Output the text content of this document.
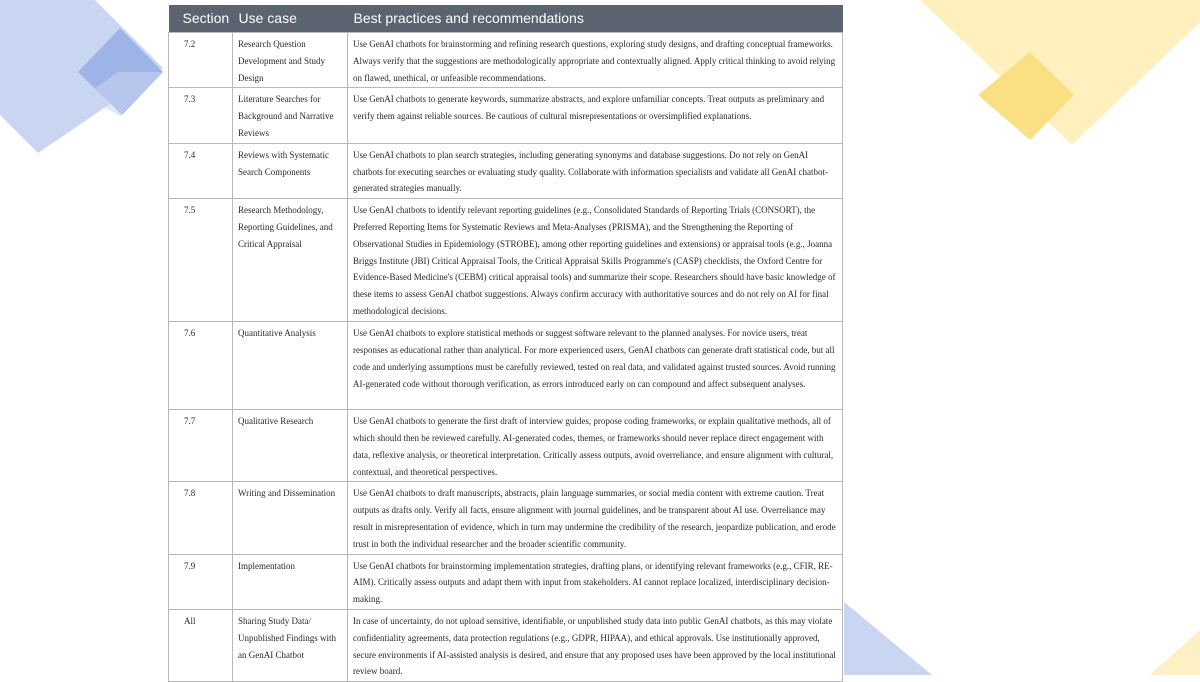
Section	Use case	Best practices and recommendations
7.2	Research Question Development and Study Design	Use GenAI chatbots for brainstorming and refining research questions, exploring study designs, and drafting conceptual frameworks. Always verify that the suggestions are methodologically appropriate and contextually aligned. Apply critical thinking to avoid relying on flawed, unethical, or unfeasible recommendations.
7.3	Literature Searches for Background and Narrative Reviews	Use GenAI chatbots to generate keywords, summarize abstracts, and explore unfamiliar concepts. Treat outputs as preliminary and verify them against reliable sources. Be cautious of cultural misrepresentations or oversimplified explanations.
7.4	Reviews with Systematic Search Components	Use GenAI chatbots to plan search strategies, including generating synonyms and database suggestions. Do not rely on GenAI chatbots for executing searches or evaluating study quality. Collaborate with information specialists and validate all GenAI chatbot-generated strategies manually.
7.5	Research Methodology, Reporting Guidelines, and Critical Appraisal	Use GenAI chatbots to identify relevant reporting guidelines (e.g., Consolidated Standards of Reporting Trials (CONSORT), the Preferred Reporting Items for Systematic Reviews and Meta-Analyses (PRISMA), and the Strengthening the Reporting of Observational Studies in Epidemiology (STROBE), among other reporting guidelines and extensions) or appraisal tools (e.g., Joanna Briggs Institute (JBI) Critical Appraisal Tools, the Critical Appraisal Skills Programme's (CASP) checklists, the Oxford Centre for Evidence-Based Medicine's (CEBM) critical appraisal tools) and summarize their scope. Researchers should have basic knowledge of these items to assess GenAI chatbot suggestions. Always confirm accuracy with authoritative sources and do not rely on AI for final methodological decisions.
7.6	Quantitative Analysis	Use GenAI chatbots to explore statistical methods or suggest software relevant to the planned analyses. For novice users, treat responses as educational rather than analytical. For more experienced users, GenAI chatbots can generate draft statistical code, but all code and underlying assumptions must be carefully reviewed, tested on real data, and validated against trusted sources. Avoid running AI-generated code without thorough verification, as errors introduced early on can compound and affect subsequent analyses.
7.7	Qualitative Research	Use GenAI chatbots to generate the first draft of interview guides, propose coding frameworks, or explain qualitative methods, all of which should then be reviewed carefully. AI-generated codes, themes, or frameworks should never replace direct engagement with data, reflexive analysis, or theoretical interpretation. Critically assess outputs, avoid overreliance, and ensure alignment with cultural, contextual, and theoretical perspectives.
7.8	Writing and Dissemination	Use GenAI chatbots to draft manuscripts, abstracts, plain language summaries, or social media content with extreme caution. Treat outputs as drafts only. Verify all facts, ensure alignment with journal guidelines, and be transparent about AI use. Overreliance may result in misrepresentation of evidence, which in turn may undermine the credibility of the research, jeopardize publication, and erode trust in both the individual researcher and the broader scientific community.
7.9	Implementation	Use GenAI chatbots for brainstorming implementation strategies, drafting plans, or identifying relevant frameworks (e.g., CFIR, RE-AIM). Critically assess outputs and adapt them with input from stakeholders. AI cannot replace localized, interdisciplinary decision-making.
All	Sharing Study Data/ Unpublished Findings with an GenAI Chatbot	In case of uncertainty, do not upload sensitive, identifiable, or unpublished study data into public GenAI chatbots, as this may violate confidentiality agreements, data protection regulations (e.g., GDPR, HIPAA), and ethical approvals. Use institutionally approved, secure environments if AI-assisted analysis is desired, and ensure that any proposed uses have been approved by the local institutional review board.
